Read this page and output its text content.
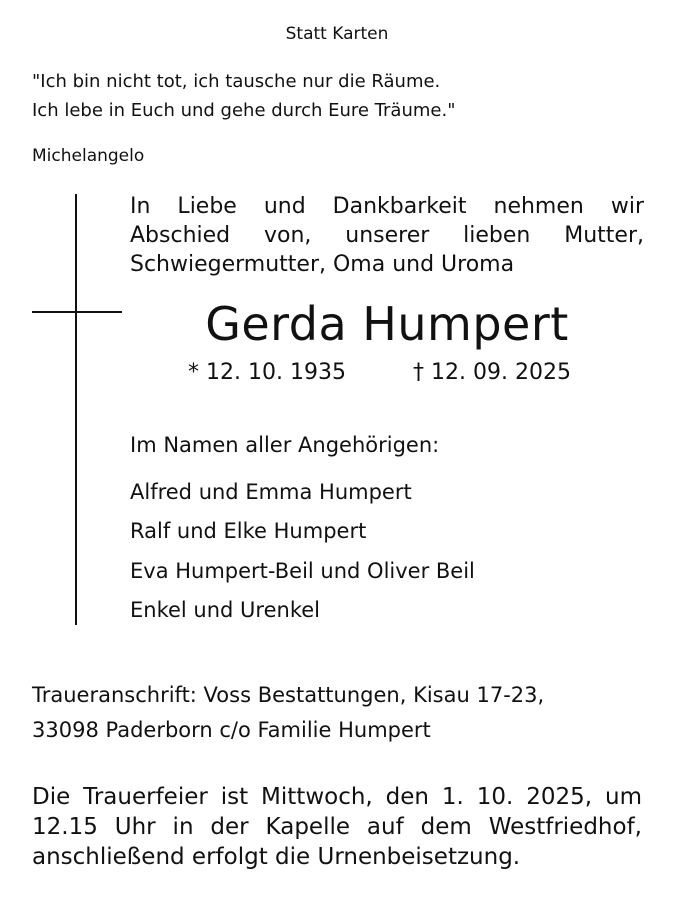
Statt Karten
"Ich bin nicht tot, ich tausche nur die Räume.
Ich lebe in Euch und gehe durch Eure Träume."
Michelangelo
In Liebe und Dankbarkeit nehmen wir
Abschied von, unserer lieben Mutter,
Schwiegermutter, Oma und Uroma
Gerda Humpert
* 12. 10. 1935	† 12. 09. 2025
Im Namen aller Angehörigen:
Alfred und Emma Humpert
Ralf und Elke Humpert
Eva Humpert-Beil und Oliver Beil
Enkel und Urenkel
Traueranschrift: Voss Bestattungen, Kisau 17-23,
33098 Paderborn c/o Familie Humpert
Die Trauerfeier ist Mittwoch, den 1. 10. 2025, um
12.15 Uhr in der Kapelle auf dem Westfriedhof,
anschließend erfolgt die Urnenbeisetzung.
